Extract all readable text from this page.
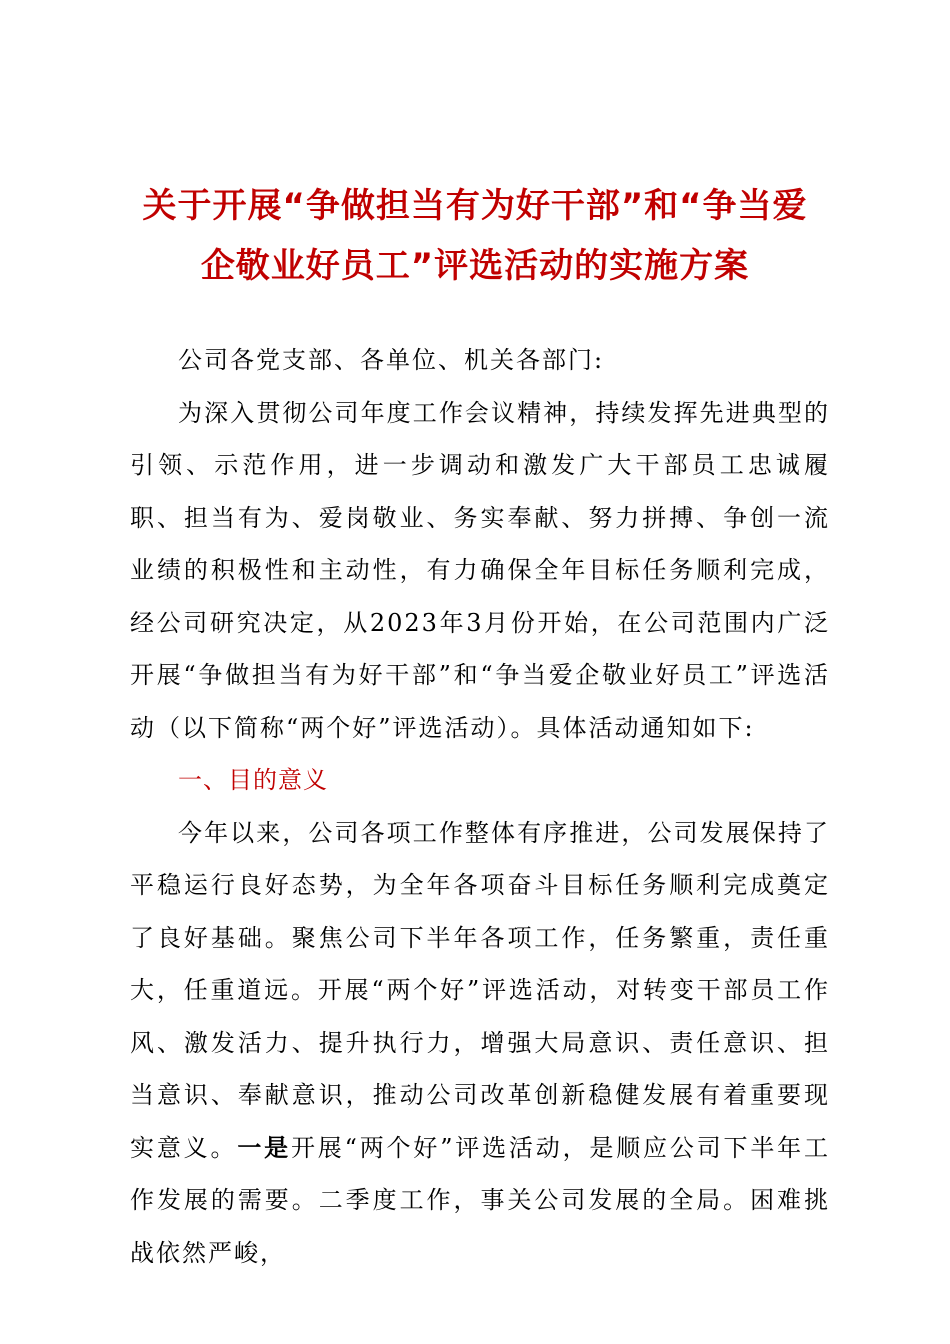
关于开展“争做担当有为好干部”和“争当爱
企敬业好员工”评选活动的实施方案

公司各党支部、各单位、机关各部门:

为深入贯彻公司年度工作会议精神，持续发挥先进典型的引领、示范作用，进一步调动和激发广大干部员工忠诚履职、担当有为、爱岗敬业、务实奉献、努力拼搏、争创一流业绩的积极性和主动性，有力确保全年目标任务顺利完成，经公司研究决定，从2023年3月份开始，在公司范围内广泛开展“争做担当有为好干部”和“争当爱企敬业好员工”评选活动（以下简称“两个好”评选活动）。具体活动通知如下:

一、目的意义

今年以来，公司各项工作整体有序推进，公司发展保持了平稳运行良好态势，为全年各项奋斗目标任务顺利完成奠定了良好基础。聚焦公司下半年各项工作，任务繁重，责任重大，任重道远。开展“两个好”评选活动，对转变干部员工作风、激发活力、提升执行力，增强大局意识、责任意识、担当意识、奉献意识，推动公司改革创新稳健发展有着重要现实意义。一是开展“两个好”评选活动，是顺应公司下半年工作发展的需要。二季度工作，事关公司发展的全局。困难挑战依然严峻，
